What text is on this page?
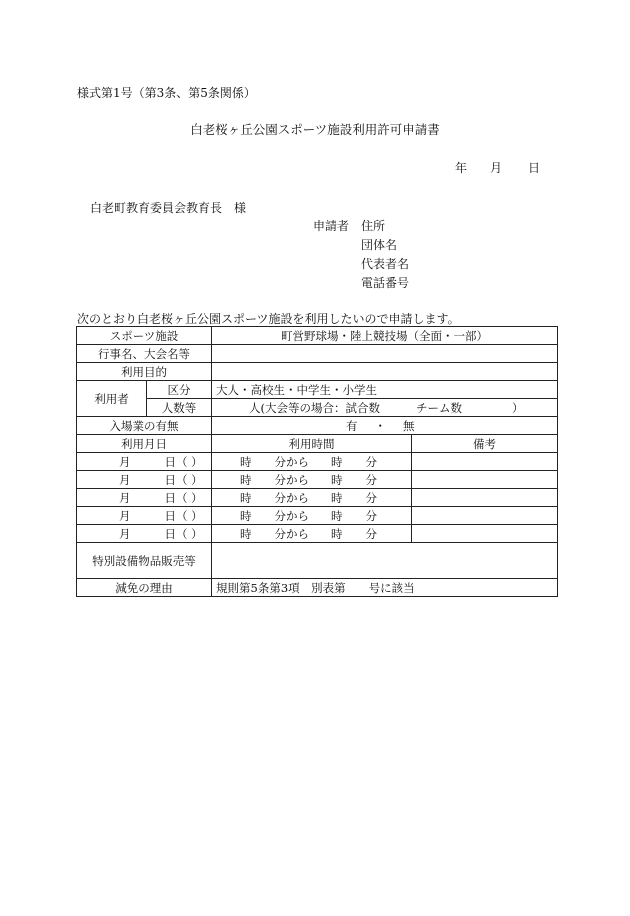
様式第1号（第3条、第5条関係）
白老桜ヶ丘公園スポーツ施設利用許可申請書
年 月 日
白老町教育委員会教育長　様
申請者 住所
団体名
代表者名
電話番号
次のとおり白老桜ヶ丘公園スポーツ施設を利用したいので申請します。
スポーツ施設		町営野球場・陸上競技場（全面・一部）	
行事名、大会名等			
利用目的			
利用者	区分	大人・高校生・中学生・小学生	
	人数等	人(大会等の場合：試合数 チーム数 ）	
入場業の有無		有 ・ 無	
利用月日		利用時間	備考
月 日（ ）		時 分から 時 分	
月 日（ ）		時 分から 時 分	
月 日（ ）		時 分から 時 分	
月 日（ ）		時 分から 時 分	
月 日（ ）		時 分から 時 分	
特別設備物品販売等			
減免の理由		規則第5条第3項　別表第　　号に該当	
